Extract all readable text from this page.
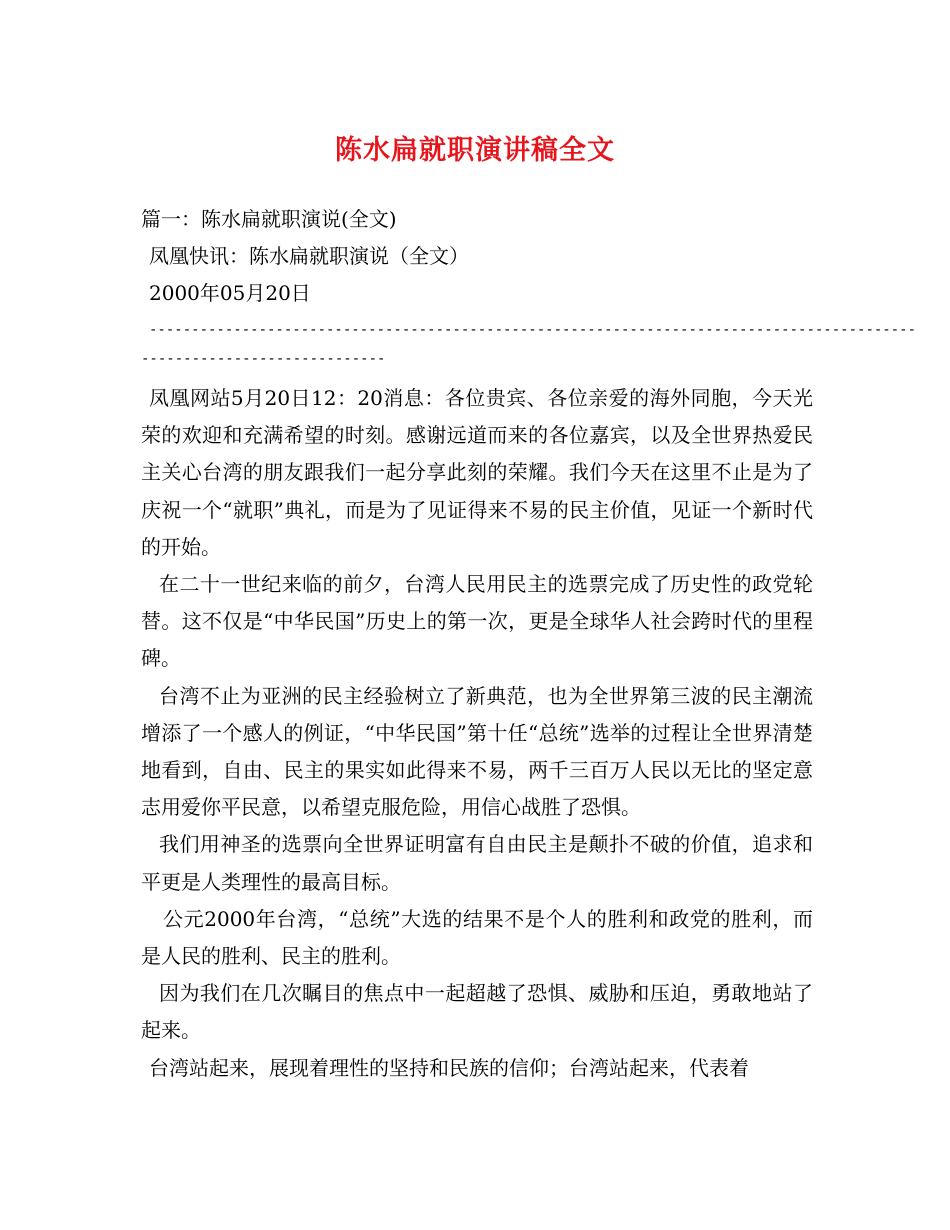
陈水扁就职演讲稿全文
篇一：陈水扁就职演说(全文)
凤凰快讯：陈水扁就职演说（全文）
2000年05月20日
-------------------------------------------------------------------------------------------
-----------------------------

凤凰网站5月20日12：20消息：各位贵宾、各位亲爱的海外同胞，今天光荣的欢迎和充满希望的时刻。感谢远道而来的各位嘉宾，以及全世界热爱民主关心台湾的朋友跟我们一起分享此刻的荣耀。我们今天在这里不止是为了庆祝一个“就职”典礼，而是为了见证得来不易的民主价值，见证一个新时代的开始。

在二十一世纪来临的前夕，台湾人民用民主的选票完成了历史性的政党轮替。这不仅是“中华民国”历史上的第一次，更是全球华人社会跨时代的里程碑。

台湾不止为亚洲的民主经验树立了新典范，也为全世界第三波的民主潮流增添了一个感人的例证，“中华民国”第十任“总统”选举的过程让全世界清楚地看到，自由、民主的果实如此得来不易，两千三百万人民以无比的坚定意志用爱你平民意，以希望克服危险，用信心战胜了恐惧。

我们用神圣的选票向全世界证明富有自由民主是颠扑不破的价值，追求和平更是人类理性的最高目标。

公元2000年台湾，“总统”大选的结果不是个人的胜利和政党的胜利，而是人民的胜利、民主的胜利。

因为我们在几次瞩目的焦点中一起超越了恐惧、威胁和压迫，勇敢地站了起来。

台湾站起来，展现着理性的坚持和民族的信仰；台湾站起来，代表着
